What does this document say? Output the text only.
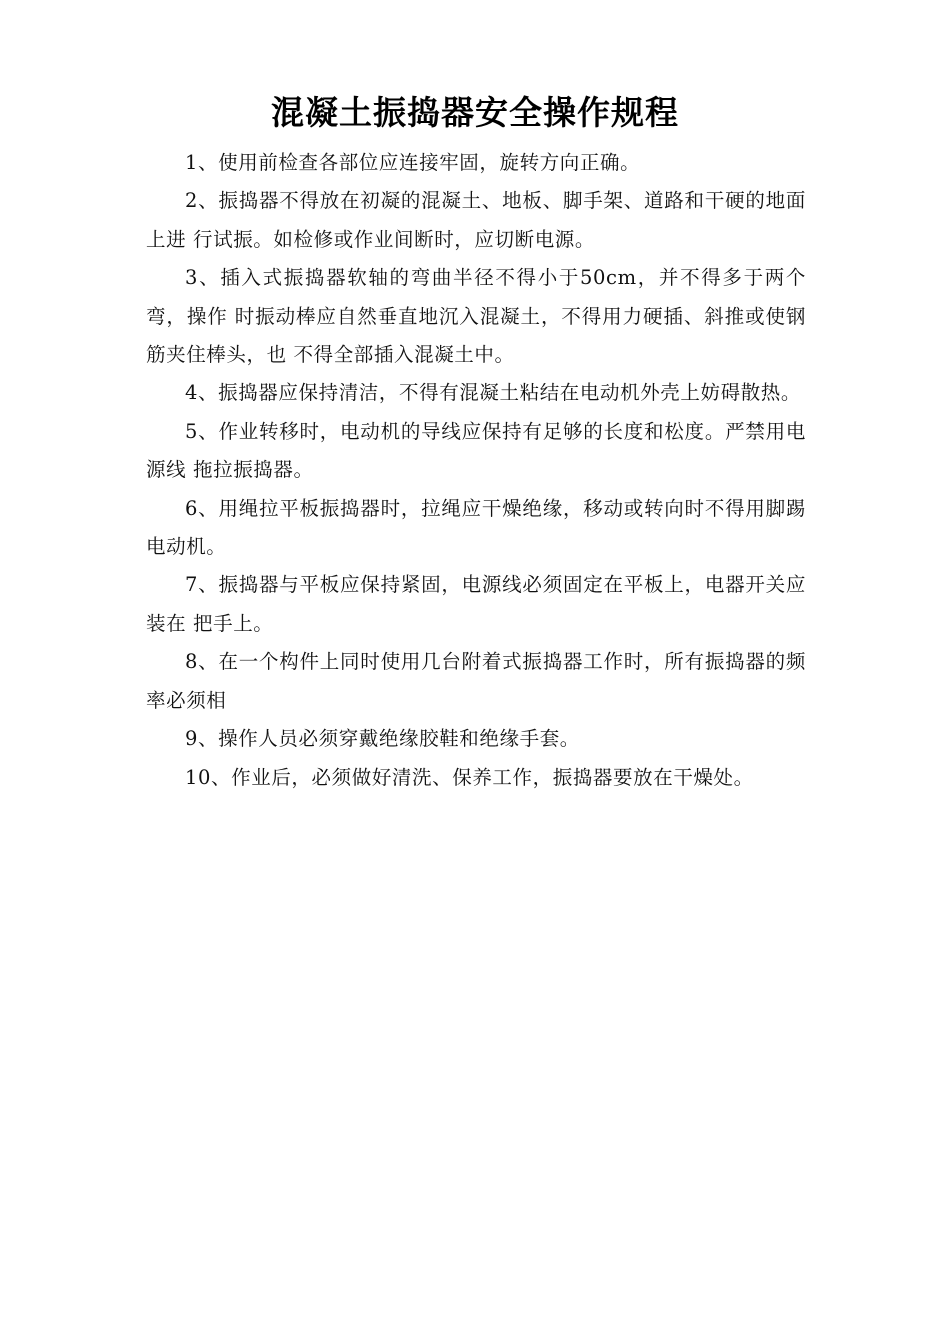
混凝土振捣器安全操作规程

1、使用前检查各部位应连接牢固，旋转方向正确。

2、振捣器不得放在初凝的混凝土、地板、脚手架、道路和干硬的地面上进 行试振。如检修或作业间断时，应切断电源。

3、插入式振捣器软轴的弯曲半径不得小于50cm，并不得多于两个弯，操作 时振动棒应自然垂直地沉入混凝土，不得用力硬插、斜推或使钢筋夹住棒头，也 不得全部插入混凝土中。

4、振捣器应保持清洁，不得有混凝土粘结在电动机外壳上妨碍散热。

5、作业转移时，电动机的导线应保持有足够的长度和松度。严禁用电源线 拖拉振捣器。

6、用绳拉平板振捣器时，拉绳应干燥绝缘，移动或转向时不得用脚踢电动机。

7、振捣器与平板应保持紧固，电源线必须固定在平板上，电器开关应装在 把手上。

8、在一个构件上同时使用几台附着式振捣器工作时，所有振捣器的频率必须相

9、操作人员必须穿戴绝缘胶鞋和绝缘手套。

10、作业后，必须做好清洗、保养工作，振捣器要放在干燥处。
